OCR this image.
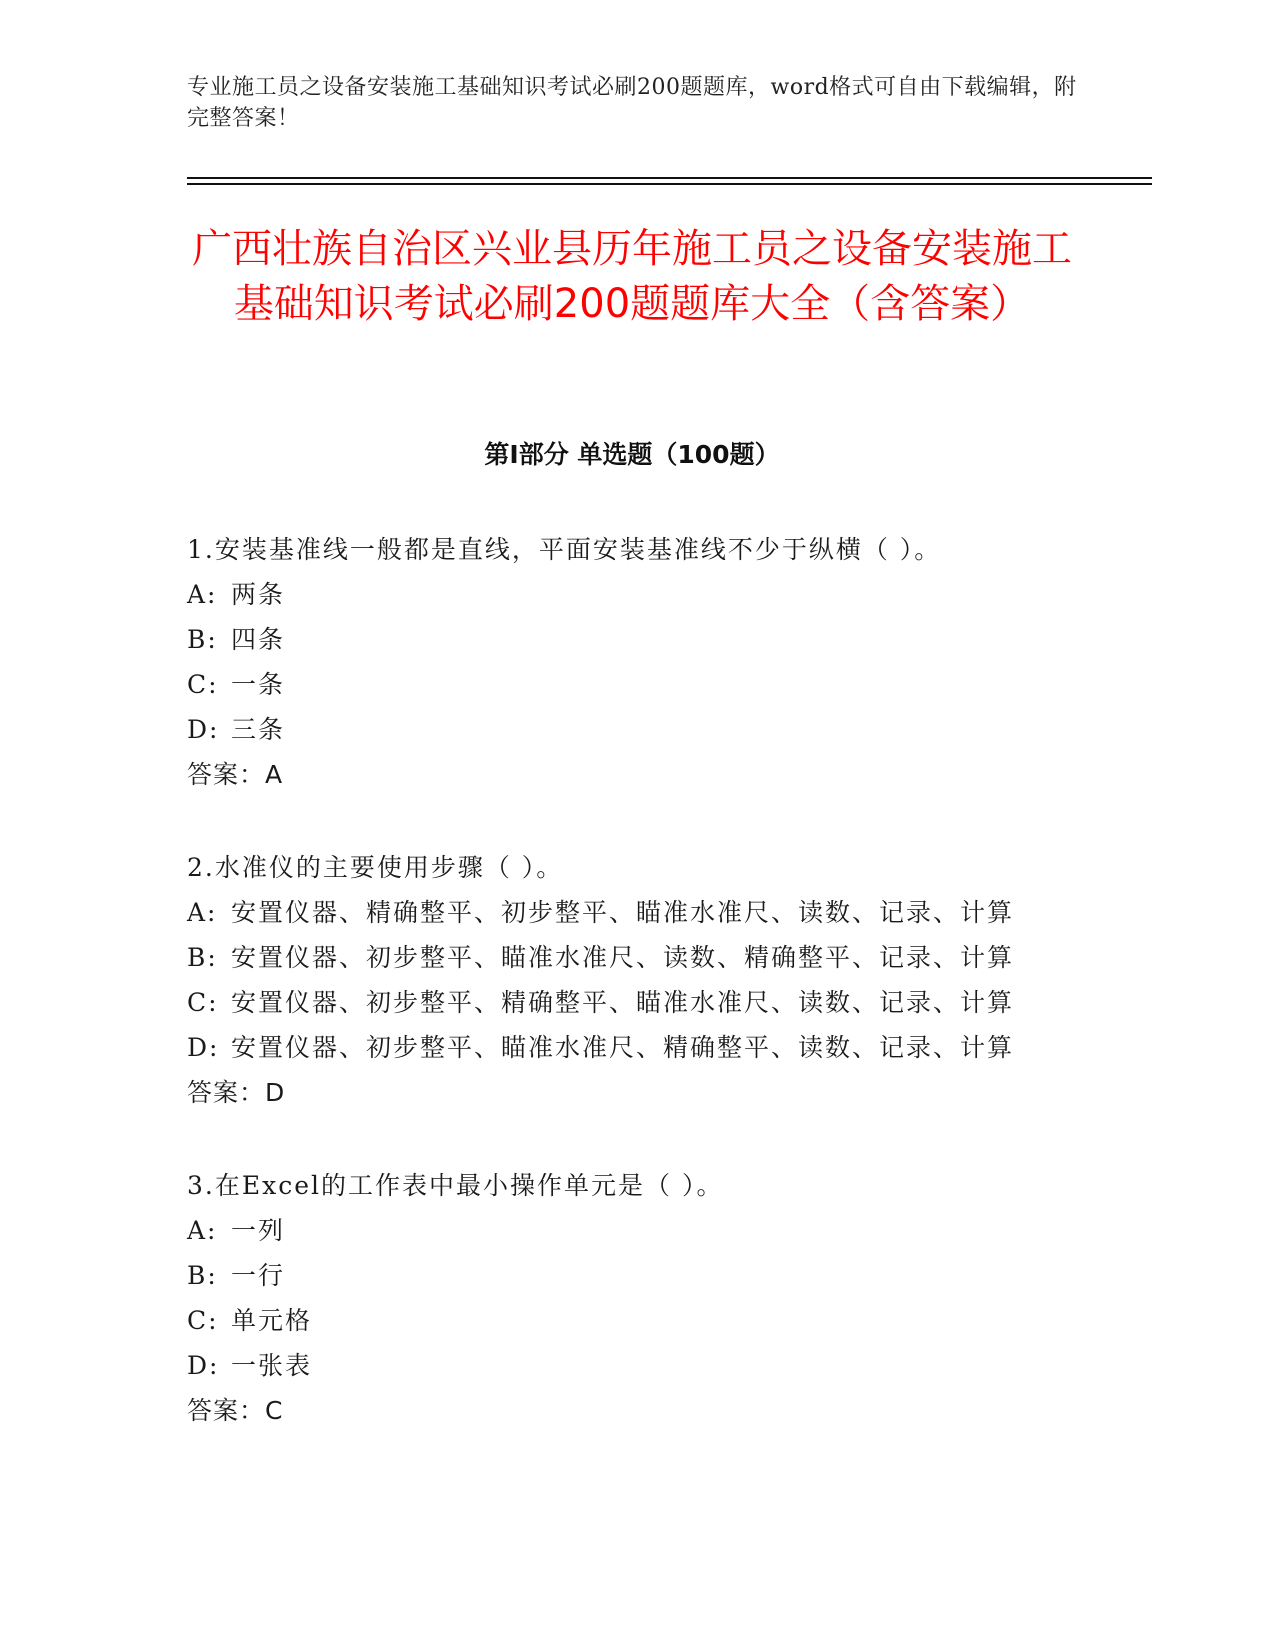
专业施工员之设备安装施工基础知识考试必刷200题题库，word格式可自由下载编辑，附完整答案！
广西壮族自治区兴业县历年施工员之设备安装施工基础知识考试必刷200题题库大全（含答案）
第I部分 单选题（100题）
1.安装基准线一般都是直线，平面安装基准线不少于纵横（ ）。
A: 两条
B: 四条
C: 一条
D: 三条
答案：A
2.水准仪的主要使用步骤（ ）。
A: 安置仪器、精确整平、初步整平、瞄准水准尺、读数、记录、计算
B: 安置仪器、初步整平、瞄准水准尺、读数、精确整平、记录、计算
C: 安置仪器、初步整平、精确整平、瞄准水准尺、读数、记录、计算
D: 安置仪器、初步整平、瞄准水准尺、精确整平、读数、记录、计算
答案：D
3.在Excel的工作表中最小操作单元是（ ）。
A: 一列
B: 一行
C: 单元格
D: 一张表
答案：C
